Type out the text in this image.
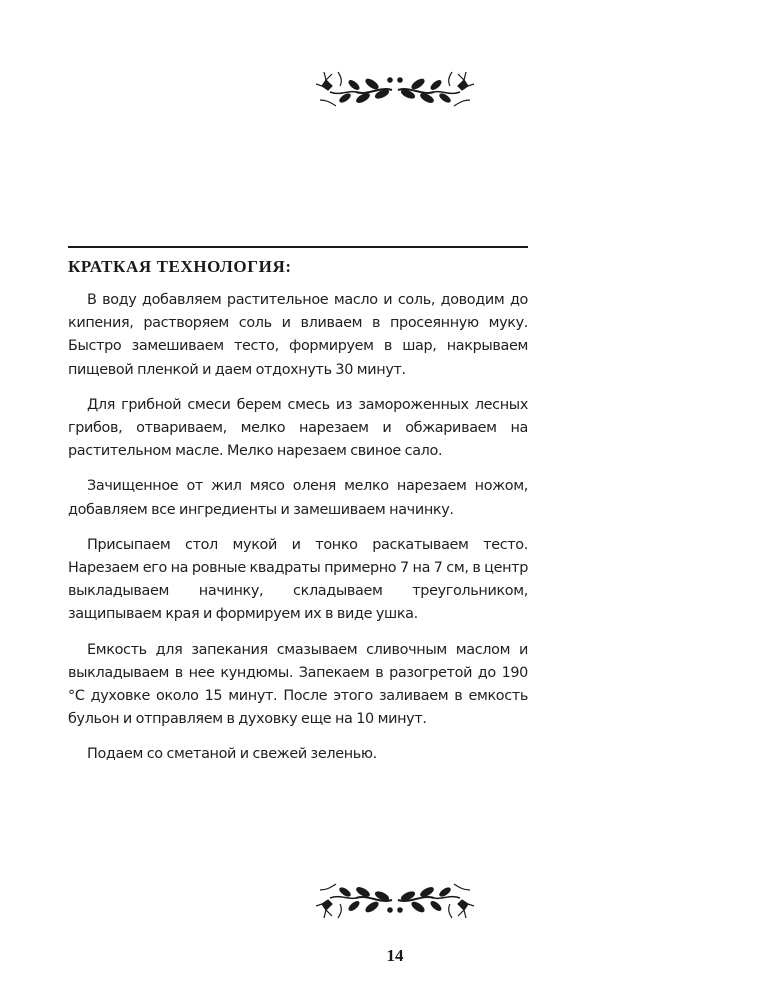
КРАТКАЯ ТЕХНОЛОГИЯ:

В воду добавляем растительное масло и соль, доводим до кипения, растворяем соль и вливаем в просеянную муку. Быстро замешиваем тесто, формируем в шар, накрываем пищевой пленкой и даем отдохнуть 30 минут.

Для грибной смеси берем смесь из замороженных лесных грибов, отвариваем, мелко нарезаем и обжариваем на растительном масле. Мелко нарезаем свиное сало.

Зачищенное от жил мясо оленя мелко нарезаем ножом, добавляем все ингредиенты и замешиваем начинку.

Присыпаем стол мукой и тонко раскатываем тесто. Нарезаем его на ровные квадраты примерно 7 на 7 см, в центр выкладываем начинку, складываем треугольником, защипываем края и формируем их в виде ушка.

Емкость для запекания смазываем сливочным маслом и выкладываем в нее кундюмы. Запекаем в разогретой до 190 °С духовке около 15 минут. После этого заливаем в емкость бульон и отправляем в духовку еще на 10 минут.

Подаем со сметаной и свежей зеленью.

14
